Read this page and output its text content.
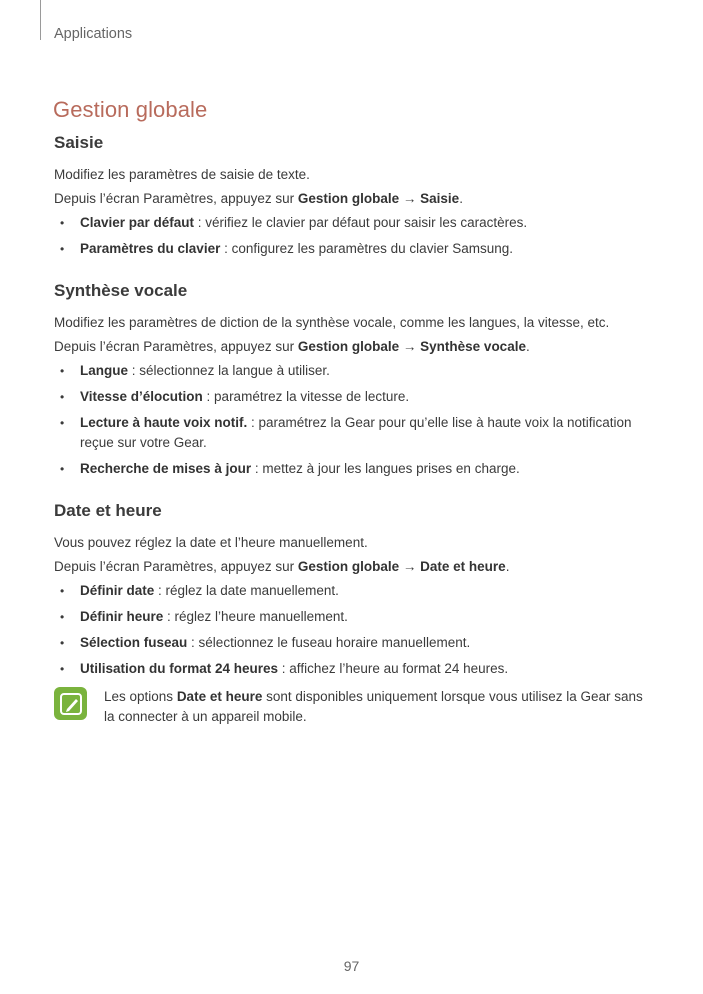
Applications
Gestion globale
Saisie

Modifiez les paramètres de saisie de texte.

Depuis l’écran Paramètres, appuyez sur Gestion globale → Saisie.

• Clavier par défaut : vérifiez le clavier par défaut pour saisir les caractères.
• Paramètres du clavier : configurez les paramètres du clavier Samsung.
Synthèse vocale

Modifiez les paramètres de diction de la synthèse vocale, comme les langues, la vitesse, etc.

Depuis l’écran Paramètres, appuyez sur Gestion globale → Synthèse vocale.

• Langue : sélectionnez la langue à utiliser.
• Vitesse d’élocution : paramétrez la vitesse de lecture.
• Lecture à haute voix notif. : paramétrez la Gear pour qu’elle lise à haute voix la notification reçue sur votre Gear.
• Recherche de mises à jour : mettez à jour les langues prises en charge.
Date et heure

Vous pouvez réglez la date et l’heure manuellement.

Depuis l’écran Paramètres, appuyez sur Gestion globale → Date et heure.

• Définir date : réglez la date manuellement.
• Définir heure : réglez l’heure manuellement.
• Sélection fuseau : sélectionnez le fuseau horaire manuellement.
• Utilisation du format 24 heures : affichez l’heure au format 24 heures.
Les options Date et heure sont disponibles uniquement lorsque vous utilisez la Gear sans la connecter à un appareil mobile.
97
